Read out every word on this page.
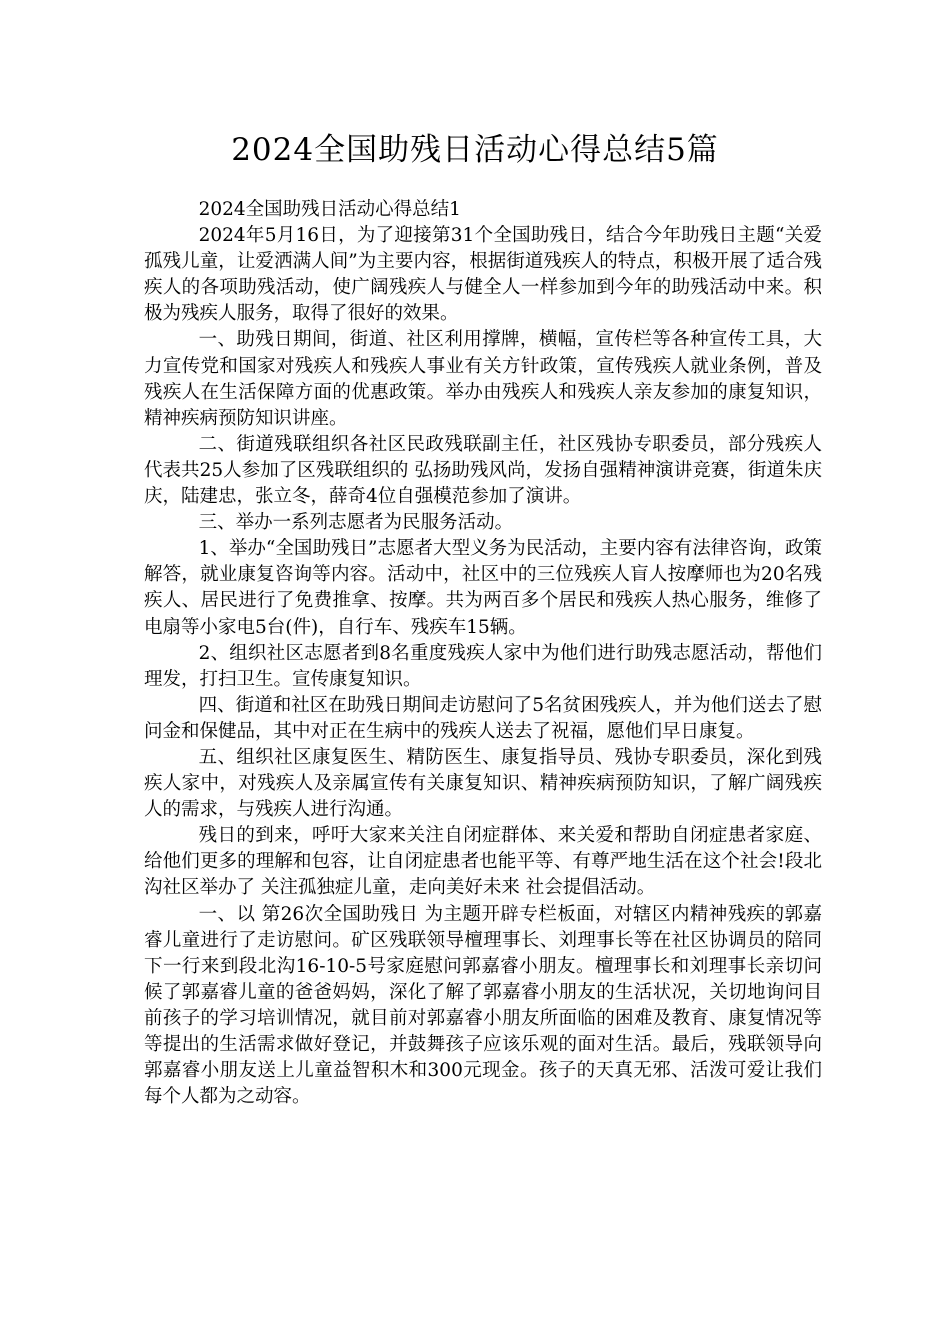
2024全国助残日活动心得总结5篇

2024全国助残日活动心得总结1

2024年5月16日，为了迎接第31个全国助残日，结合今年助残日主题“关爱孤残儿童，让爱洒满人间”为主要内容，根据街道残疾人的特点，积极开展了适合残疾人的各项助残活动，使广阔残疾人与健全人一样参加到今年的助残活动中来。积极为残疾人服务，取得了很好的效果。

一、助残日期间，街道、社区利用撑牌，横幅，宣传栏等各种宣传工具，大力宣传党和国家对残疾人和残疾人事业有关方针政策，宣传残疾人就业条例，普及残疾人在生活保障方面的优惠政策。举办由残疾人和残疾人亲友参加的康复知识，精神疾病预防知识讲座。

二、街道残联组织各社区民政残联副主任，社区残协专职委员，部分残疾人代表共25人参加了区残联组织的 弘扬助残风尚，发扬自强精神演讲竞赛，街道朱庆庆，陆建忠，张立冬，薛奇4位自强模范参加了演讲。

三、举办一系列志愿者为民服务活动。

1、举办“全国助残日”志愿者大型义务为民活动，主要内容有法律咨询，政策解答，就业康复咨询等内容。活动中，社区中的三位残疾人盲人按摩师也为20名残疾人、居民进行了免费推拿、按摩。共为两百多个居民和残疾人热心服务，维修了电扇等小家电5台(件)，自行车、残疾车15辆。

2、组织社区志愿者到8名重度残疾人家中为他们进行助残志愿活动，帮他们理发，打扫卫生。宣传康复知识。

四、街道和社区在助残日期间走访慰问了5名贫困残疾人，并为他们送去了慰问金和保健品，其中对正在生病中的残疾人送去了祝福，愿他们早日康复。

五、组织社区康复医生、精防医生、康复指导员、残协专职委员，深化到残疾人家中，对残疾人及亲属宣传有关康复知识、精神疾病预防知识，了解广阔残疾人的需求，与残疾人进行沟通。

残日的到来，呼吁大家来关注自闭症群体、来关爱和帮助自闭症患者家庭、给他们更多的理解和包容，让自闭症患者也能平等、有尊严地生活在这个社会!段北沟社区举办了 关注孤独症儿童，走向美好未来 社会提倡活动。

一、以 第26次全国助残日 为主题开辟专栏板面，对辖区内精神残疾的郭嘉睿儿童进行了走访慰问。矿区残联领导檀理事长、刘理事长等在社区协调员的陪同下一行来到段北沟16-10-5号家庭慰问郭嘉睿小朋友。檀理事长和刘理事长亲切问候了郭嘉睿儿童的爸爸妈妈，深化了解了郭嘉睿小朋友的生活状况，关切地询问目前孩子的学习培训情况，就目前对郭嘉睿小朋友所面临的困难及教育、康复情况等等提出的生活需求做好登记，并鼓舞孩子应该乐观的面对生活。最后，残联领导向郭嘉睿小朋友送上儿童益智积木和300元现金。孩子的天真无邪、活泼可爱让我们每个人都为之动容。
